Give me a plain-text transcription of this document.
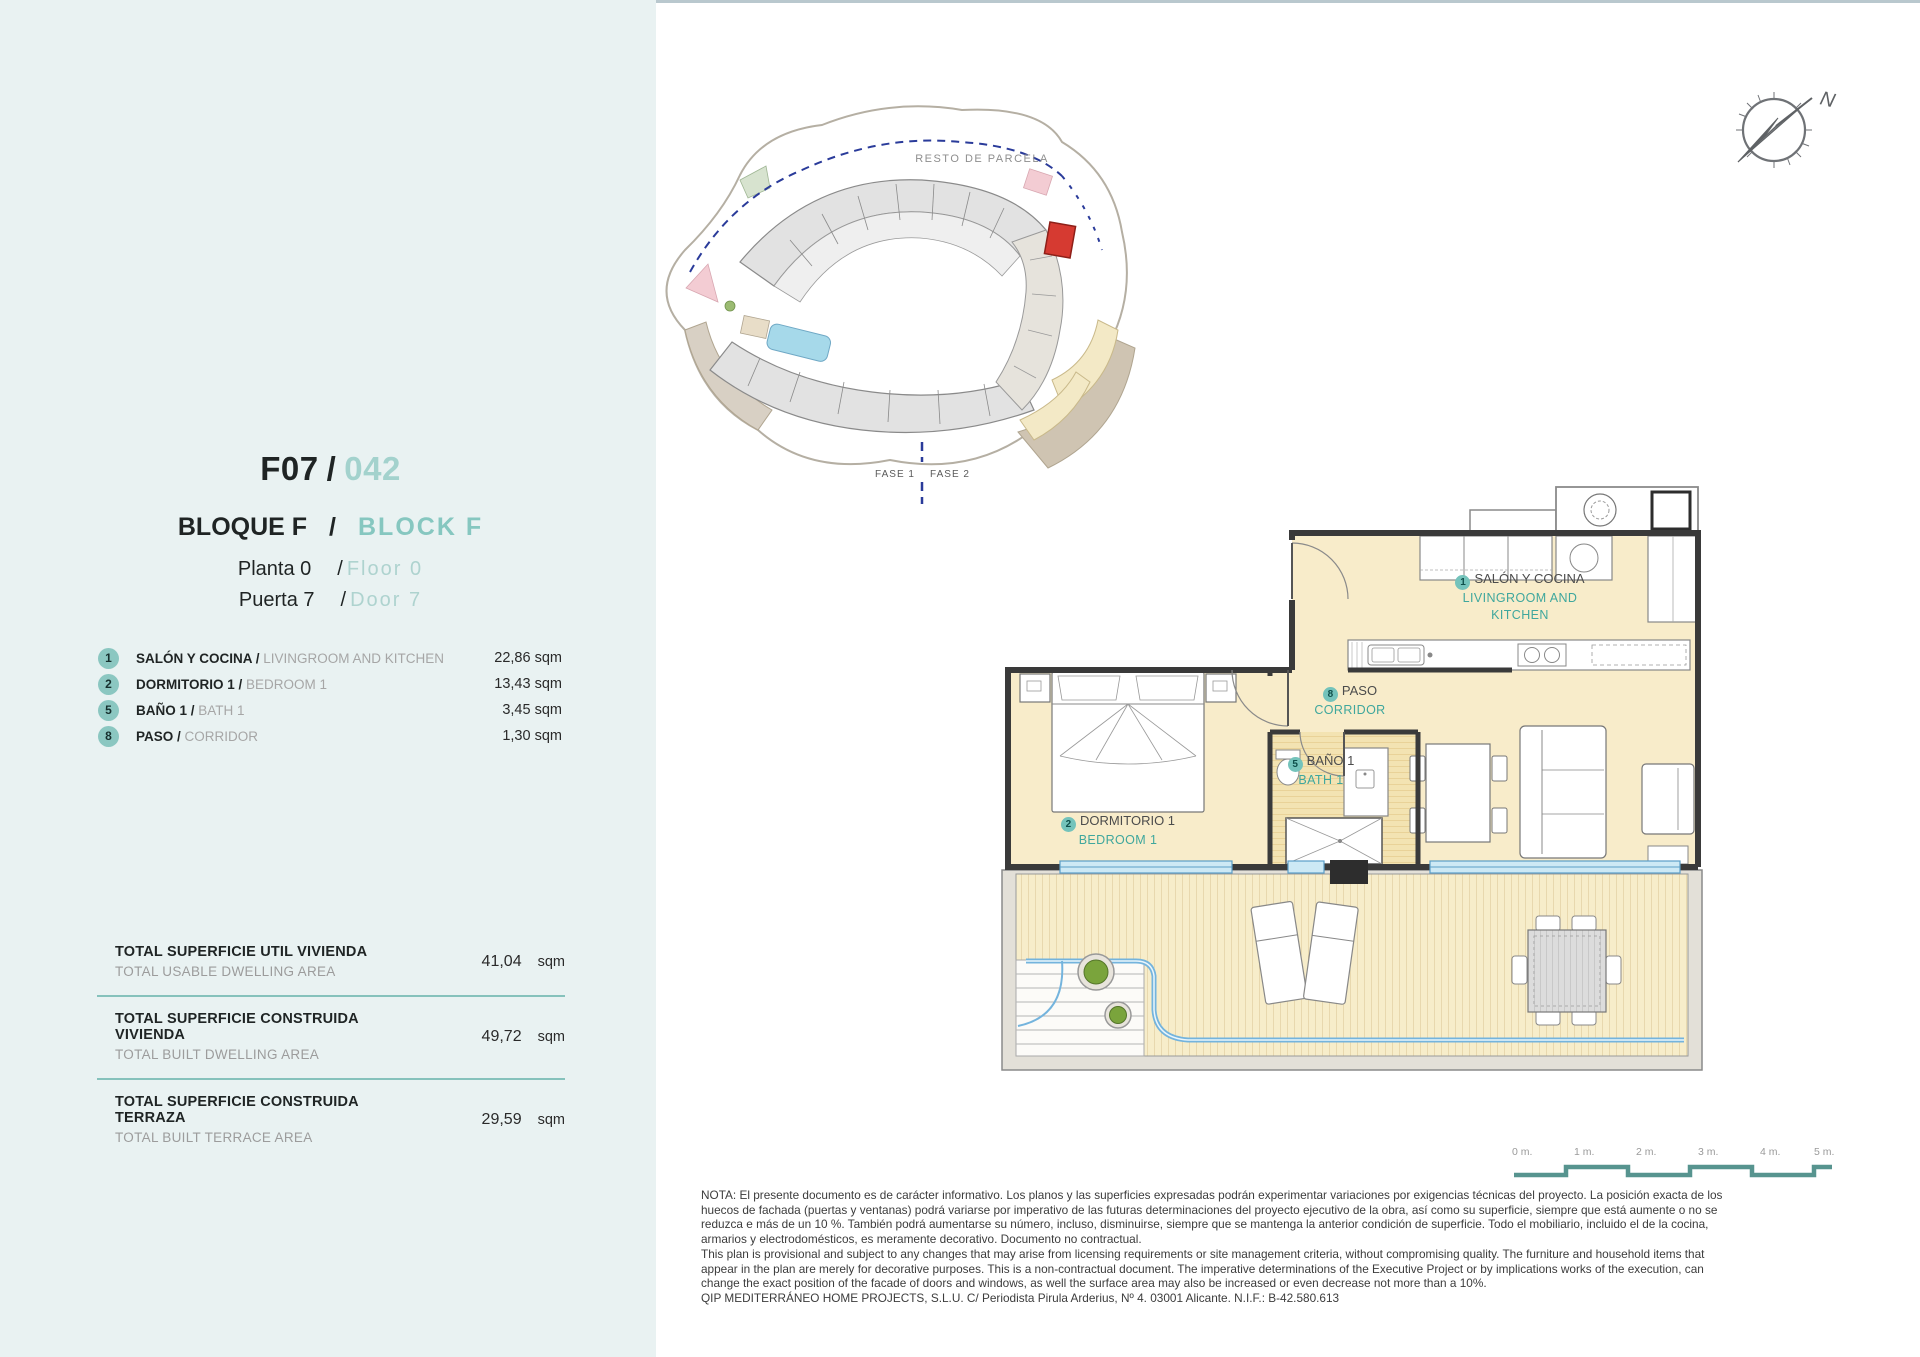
F07 / 042
BLOQUE F / BLOCK F
Planta 0 / Floor 0
Puerta 7 / Door 7
1	SALÓN Y COCINA / LIVINGROOM AND KITCHEN	22,86 sqm
2	DORMITORIO 1 / BEDROOM 1	13,43 sqm
5	BAÑO 1 / BATH 1	3,45 sqm
8	PASO / CORRIDOR	1,30 sqm
TOTAL SUPERFICIE UTIL VIVIENDA
TOTAL USABLE DWELLING AREA
41,04 sqm
TOTAL SUPERFICIE CONSTRUIDA VIVIENDA
TOTAL BUILT DWELLING AREA
49,72 sqm
TOTAL SUPERFICIE CONSTRUIDA TERRAZA
TOTAL BUILT TERRACE AREA
29,59 sqm
RESTO DE PARCELA
FASE 1 FASE 2
N
1 SALÓN Y COCINA
LIVINGROOM AND
KITCHEN
8 PASO
CORRIDOR
5 BAÑO 1
BATH 1
2 DORMITORIO 1
BEDROOM 1
0 m.	1 m.	2 m.	3 m.	4 m.	5 m.
NOTA: El presente documento es de carácter informativo. Los planos y las superficies expresadas podrán experimentar variaciones por exigencias técnicas del proyecto. La posición exacta de los
huecos de fachada (puertas y ventanas) podrá variarse por imperativo de las futuras determinaciones del proyecto ejecutivo de la obra, así como su superficie, siempre que está aumente o no se
reduzca e más de un 10 %. También podrá aumentarse su número, incluso, disminuirse, siempre que se mantenga la anterior condición de superficie. Todo el mobiliario, incluido el de la cocina,
armarios y electrodomésticos, es meramente decorativo. Documento no contractual.
This plan is provisional and subject to any changes that may arise from licensing requirements or site management criteria, without compromising quality. The furniture and household items that
appear in the plan are merely for decorative purposes. This is a non-contractual document. The imperative determinations of the Executive Project or by implications works of the execution, can
change the exact position of the facade of doors and windows, as well the surface area may also be increased or even decrease not more than a 10%.
QIP MEDITERRÁNEO HOME PROJECTS, S.L.U. C/ Periodista Pirula Arderius, Nº 4. 03001 Alicante. N.I.F.: B-42.580.613
